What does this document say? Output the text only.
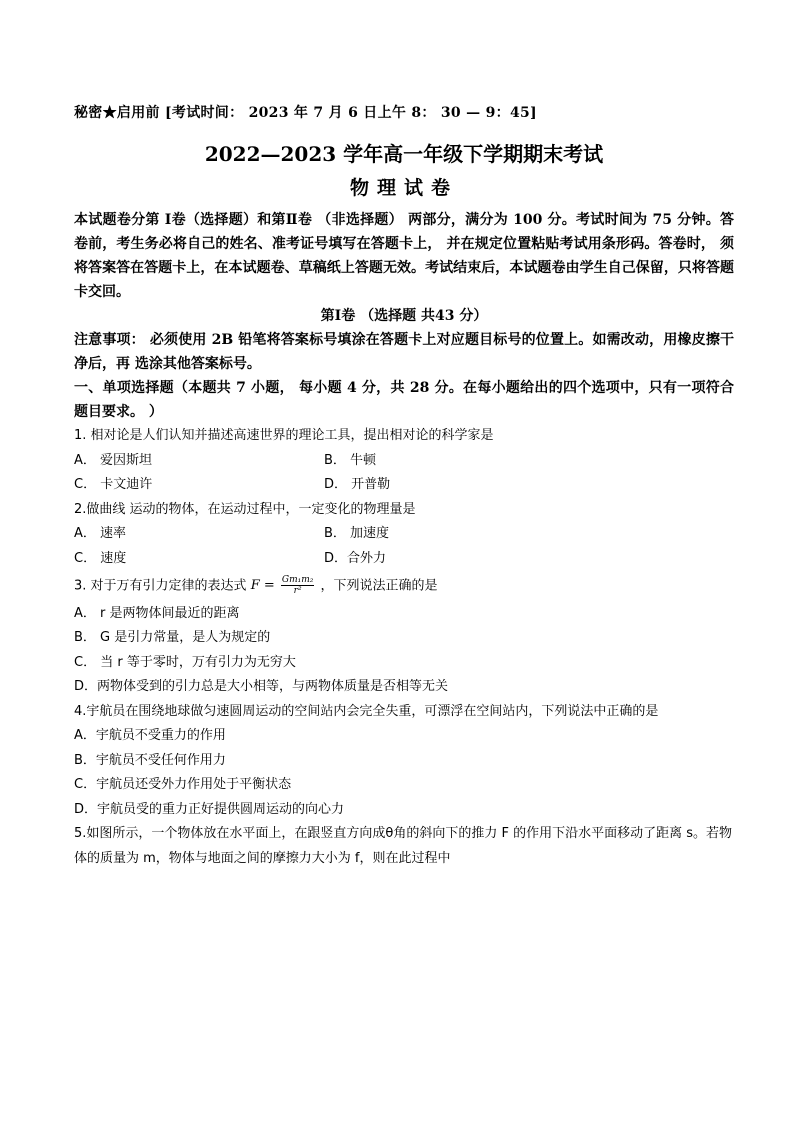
秘密★启用前 [考试时间： 2023 年 7 月 6 日上午 8： 30 — 9：45]
2022—2023 学年高一年级下学期期末考试
物理试卷
本试题卷分第 Ⅰ卷（选择题）和第Ⅱ卷 （非选择题） 两部分，满分为 100 分。考试时间为 75 分钟。答卷前，考生务必将自己的姓名、准考证号填写在答题卡上， 并在规定位置粘贴考试用条形码。答卷时， 须将答案答在答题卡上，在本试题卷、草稿纸上答题无效。考试结束后，本试题卷由学生自己保留，只将答题卡交回。
第Ⅰ卷 （选择题 共43 分）
注意事项： 必须使用 2B 铅笔将答案标号填涂在答题卡上对应题目标号的位置上。如需改动，用橡皮擦干净后，再 选涂其他答案标号。
一、单项选择题（本题共 7 小题， 每小题 4 分，共 28 分。在每小题给出的四个选项中，只有一项符合题目要求。 ）
1. 相对论是人们认知并描述高速世界的理论工具，提出相对论的科学家是
A． 爱因斯坦	B． 牛顿
C． 卡文迪许	D． 开普勒
2.做曲线 运动的物体，在运动过程中，一定变化的物理量是
A． 速率	B． 加速度
C． 速度	D．合外力
3. 对于万有引力定律的表达式 $F = \frac{\text{Gm₁m₂}}{\text{r²}}$ ，下列说法正确的是
A． r 是两物体间最近的距离
B． G 是引力常量，是人为规定的
C． 当 r 等于零时，万有引力为无穷大
D．两物体受到的引力总是大小相等，与两物体质量是否相等无关
4.宇航员在围绕地球做匀速圆周运动的空间站内会完全失重，可漂浮在空间站内，下列说法中正确的是
A．宇航员不受重力的作用
B．宇航员不受任何作用力
C．宇航员还受外力作用处于平衡状态
D．宇航员受的重力正好提供圆周运动的向心力
5.如图所示，一个物体放在水平面上，在跟竖直方向成θ角的斜向下的推力 F 的作用下沿水平面移动了距离 s。若物体的质量为 m，物体与地面之间的摩擦力大小为 f，则在此过程中
